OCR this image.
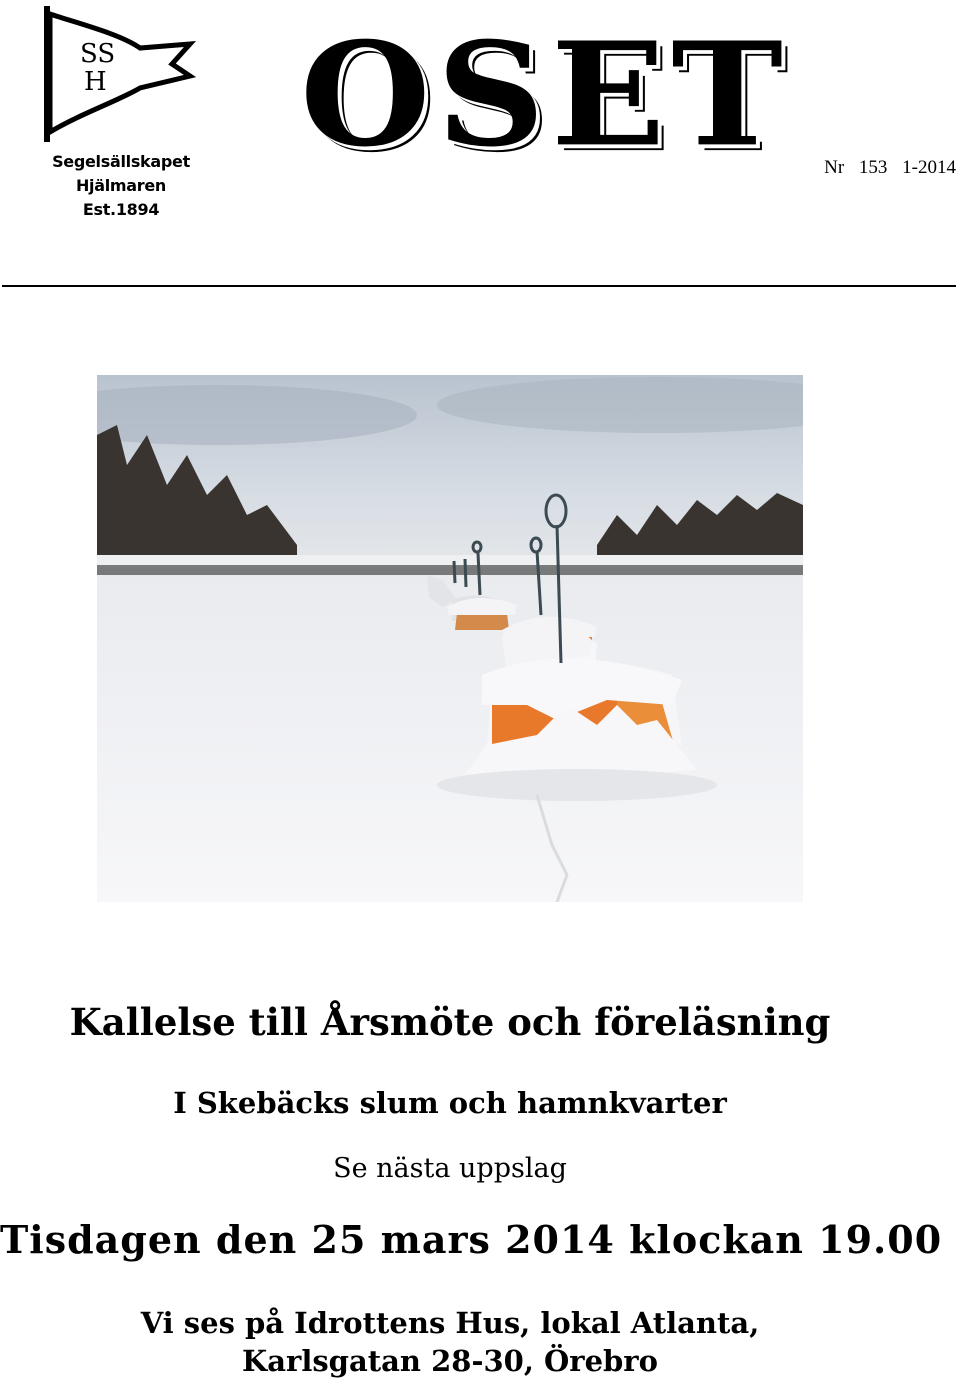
SS
H
Segelsällskapet
Hjälmaren
Est.1894
OSET Nr 153 1-2014
Kallelse till Årsmöte och föreläsning
I Skebäcks slum och hamnkvarter
Se nästa uppslag
Tisdagen den 25 mars 2014 klockan 19.00
Vi ses på Idrottens Hus, lokal Atlanta,
Karlsgatan 28-30, Örebro
